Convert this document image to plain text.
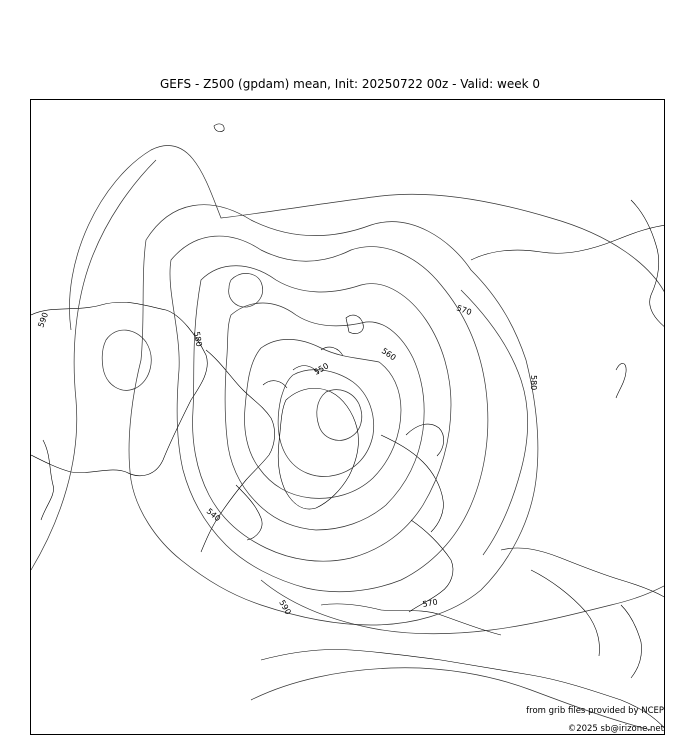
GEFS - Z500 (gpdam) mean, Init: 20250722 00z - Valid: week 0
590
580
570
560
550
540
580
570
590
from grib files provided by NCEP
©2025 sb@irizone.net
